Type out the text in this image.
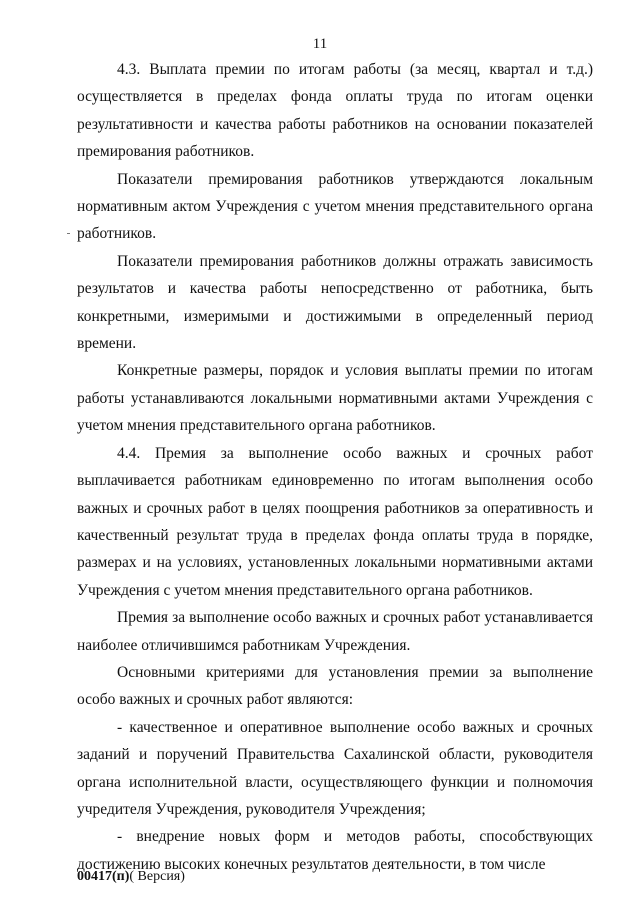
11

4.3. Выплата премии по итогам работы (за месяц, квартал и т.д.) осуществляется в пределах фонда оплаты труда по итогам оценки результативности и качества работы работников на основании показателей премирования работников.

Показатели премирования работников утверждаются локальным нормативным актом Учреждения с учетом мнения представительного органа работников.

Показатели премирования работников должны отражать зависимость результатов и качества работы непосредственно от работника, быть конкретными, измеримыми и достижимыми в определенный период времени.

Конкретные размеры, порядок и условия выплаты премии по итогам работы устанавливаются локальными нормативными актами Учреждения с учетом мнения представительного органа работников.

4.4. Премия за выполнение особо важных и срочных работ выплачивается работникам единовременно по итогам выполнения особо важных и срочных работ в целях поощрения работников за оперативность и качественный результат труда в пределах фонда оплаты труда в порядке, размерах и на условиях, установленных локальными нормативными актами Учреждения с учетом мнения представительного органа работников.

Премия за выполнение особо важных и срочных работ устанавливается наиболее отличившимся работникам Учреждения.

Основными критериями для установления премии за выполнение особо важных и срочных работ являются:

- качественное и оперативное выполнение особо важных и срочных заданий и поручений Правительства Сахалинской области, руководителя органа исполнительной власти, осуществляющего функции и полномочия учредителя Учреждения, руководителя Учреждения;

- внедрение новых форм и методов работы, способствующих достижению высоких конечных результатов деятельности, в том числе

00417(п)( Версия)
